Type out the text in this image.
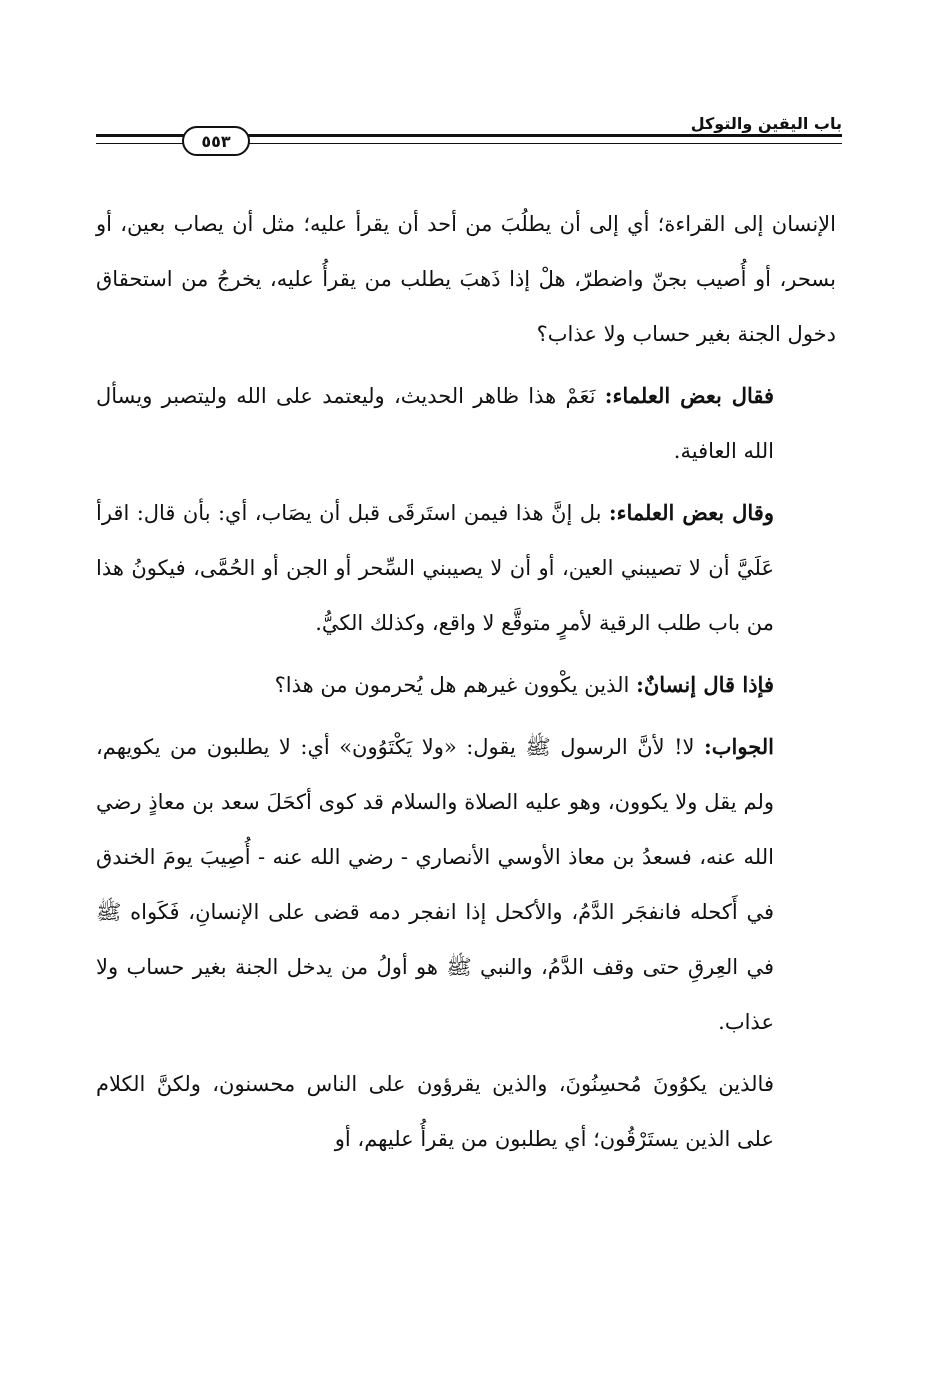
٥٥٣
باب اليقين والتوكل

الإنسان إلى القراءة؛ أي إلى أن يطلُبَ من أحد أن يقرأ عليه؛ مثل أن يصاب بعين، أو بسحر، أو أُصيب بجنّ واضطرّ، هلْ إذا ذَهبَ يطلب من يقرأُ عليه، يخرجُ من استحقاق دخول الجنة بغير حساب ولا عذاب؟

فقال بعض العلماء: نَعَمْ هذا ظاهر الحديث، وليعتمد على الله وليتصبر ويسأل الله العافية.

وقال بعض العلماء: بل إنَّ هذا فيمن استَرقَى قبل أن يصَاب، أي: بأن قال: اقرأ عَلَيَّ أن لا تصيبني العين، أو أن لا يصيبني السِّحر أو الجن أو الحُمَّى، فيكونُ هذا من باب طلب الرقية لأمرٍ متوقَّع لا واقع، وكذلك الكيُّ.

فإذا قال إنسانٌ: الذين يكْوون غيرهم هل يُحرمون من هذا؟

الجواب: لا! لأنَّ الرسول ﷺ يقول: «ولا يَكْتَوُون» أي: لا يطلبون من يكويهم، ولم يقل ولا يكوون، وهو عليه الصلاة والسلام قد كوى أكحَلَ سعد بن معاذٍ رضي الله عنه، فسعدُ بن معاذ الأوسي الأنصاري - رضي الله عنه - أُصِيبَ يومَ الخندق في أَكحله فانفجَر الدَّمُ، والأكحل إذا انفجر دمه قضى على الإنسانِ، فَكَواه ﷺ في العِرقِ حتى وقف الدَّمُ، والنبي ﷺ هو أولُ من يدخل الجنة بغير حساب ولا عذاب.

فالذين يكوُونَ مُحسِنُونَ، والذين يقرؤون على الناس محسنون، ولكنَّ الكلام على الذين يستَرْقُون؛ أي يطلبون من يقرأُ عليهم، أو
